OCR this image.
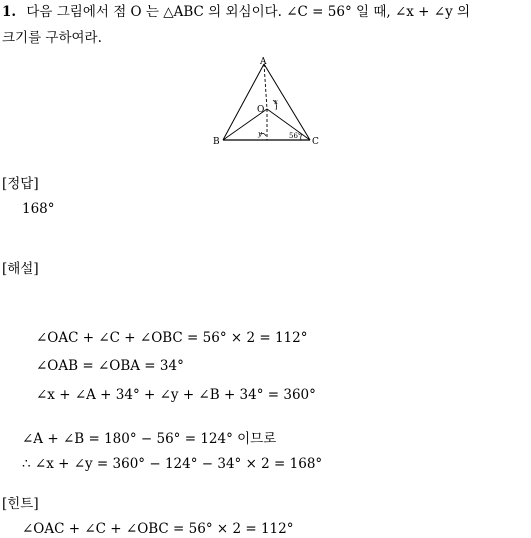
1. 다음 그림에서 점 O 는 △ABC 의 외심이다. ∠C = 56° 일 때, ∠x + ∠y 의
크기를 구하여라.
A
B	C
O
x
y	56°
[정답]
168°
[해설]
∠OAC + ∠C + ∠OBC = 56° × 2 = 112°
∠OAB = ∠OBA = 34°
∠x + ∠A + 34° + ∠y + ∠B + 34° = 360°
∠A + ∠B = 180° − 56° = 124° 이므로
∴ ∠x + ∠y = 360° − 124° − 34° × 2 = 168°
[힌트]
∠OAC + ∠C + ∠OBC = 56° × 2 = 112°
